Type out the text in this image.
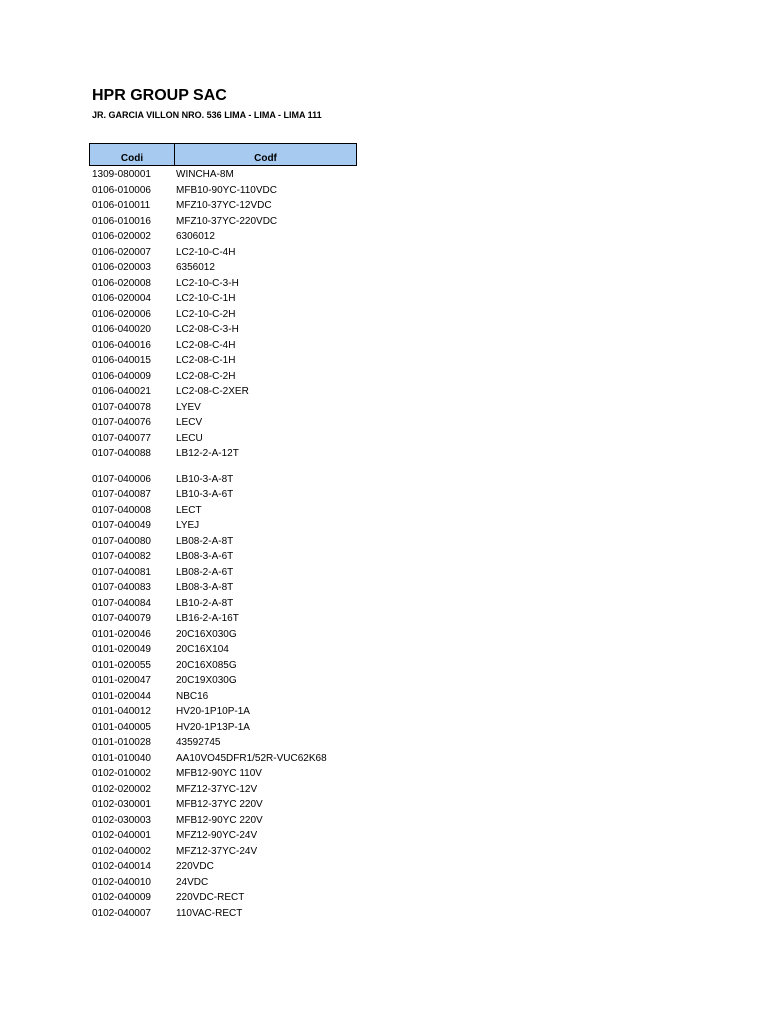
HPR GROUP SAC
JR. GARCIA VILLON NRO. 536 LIMA - LIMA - LIMA 111
Codi	Codf
1309-080001	WINCHA-8M
0106-010006	MFB10-90YC-110VDC
0106-010011	MFZ10-37YC-12VDC
0106-010016	MFZ10-37YC-220VDC
0106-020002	6306012
0106-020007	LC2-10-C-4H
0106-020003	6356012
0106-020008	LC2-10-C-3-H
0106-020004	LC2-10-C-1H
0106-020006	LC2-10-C-2H
0106-040020	LC2-08-C-3-H
0106-040016	LC2-08-C-4H
0106-040015	LC2-08-C-1H
0106-040009	LC2-08-C-2H
0106-040021	LC2-08-C-2XER
0107-040078	LYEV
0107-040076	LECV
0107-040077	LECU
0107-040088	LB12-2-A-12T
0107-040006	LB10-3-A-8T
0107-040087	LB10-3-A-6T
0107-040008	LECT
0107-040049	LYEJ
0107-040080	LB08-2-A-8T
0107-040082	LB08-3-A-6T
0107-040081	LB08-2-A-6T
0107-040083	LB08-3-A-8T
0107-040084	LB10-2-A-8T
0107-040079	LB16-2-A-16T
0101-020046	20C16X030G
0101-020049	20C16X104
0101-020055	20C16X085G
0101-020047	20C19X030G
0101-020044	NBC16
0101-040012	HV20-1P10P-1A
0101-040005	HV20-1P13P-1A
0101-010028	43592745
0101-010040	AA10VO45DFR1/52R-VUC62K68
0102-010002	MFB12-90YC 110V
0102-020002	MFZ12-37YC-12V
0102-030001	MFB12-37YC 220V
0102-030003	MFB12-90YC 220V
0102-040001	MFZ12-90YC-24V
0102-040002	MFZ12-37YC-24V
0102-040014	220VDC
0102-040010	24VDC
0102-040009	220VDC-RECT
0102-040007	110VAC-RECT
